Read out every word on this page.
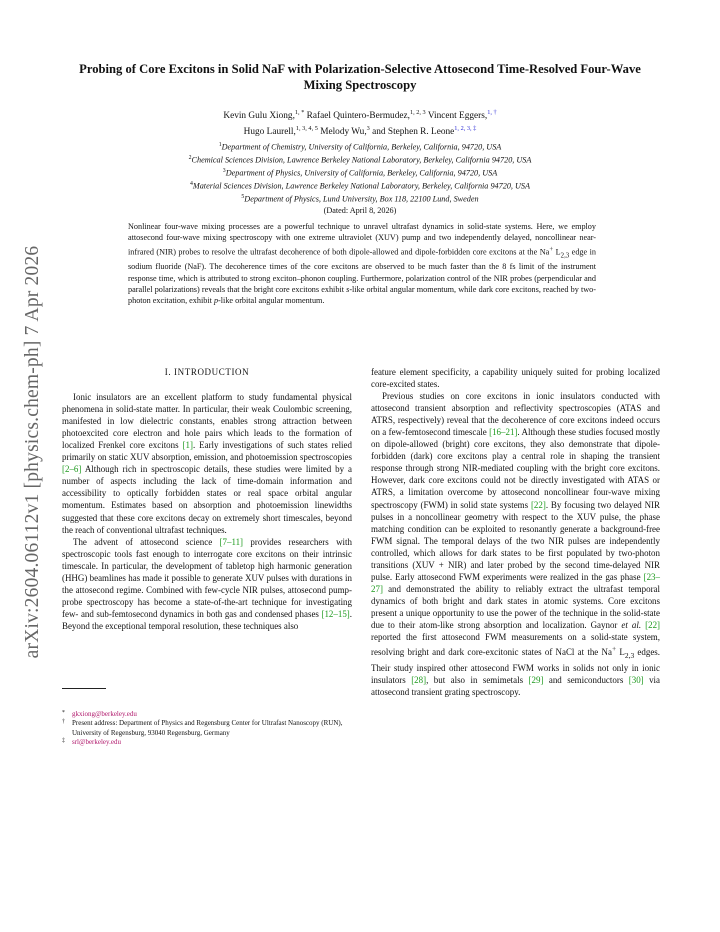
arXiv:2604.06112v1 [physics.chem-ph] 7 Apr 2026
Probing of Core Excitons in Solid NaF with Polarization-Selective Attosecond Time-Resolved Four-Wave Mixing Spectroscopy
Kevin Gulu Xiong,$^{1, *}$ Rafael Quintero-Bermudez,$^{1, 2, 3}$ Vincent Eggers,$^{1, \dagger}$
Hugo Laurell,$^{1, 3, 4, 5}$ Melody Wu,$^3$ and Stephen R. Leone$^{1, 2, 3, \ddagger}$
$^1$Department of Chemistry, University of California, Berkeley, California, 94720, USA
$^2$Chemical Sciences Division, Lawrence Berkeley National Laboratory, Berkeley, California 94720, USA
$^3$Department of Physics, University of California, Berkeley, California, 94720, USA
$^4$Material Sciences Division, Lawrence Berkeley National Laboratory, Berkeley, California 94720, USA
$^5$Department of Physics, Lund University, Box 118, 22100 Lund, Sweden
(Dated: April 8, 2026)
Nonlinear four-wave mixing processes are a powerful technique to unravel ultrafast dynamics in solid-state systems. Here, we employ attosecond four-wave mixing spectroscopy with one extreme ultraviolet (XUV) pump and two independently delayed, noncollinear near-infrared (NIR) probes to resolve the ultrafast decoherence of both dipole-allowed and dipole-forbidden core excitons at the Na+ $L_{2,3}$ edge in sodium fluoride (NaF). The decoherence times of the core excitons are observed to be much faster than the 8 fs limit of the instrument response time, which is attributed to strong exciton–phonon coupling. Furthermore, polarization control of the NIR probes (perpendicular and parallel polarizations) reveals that the bright core excitons exhibit s-like orbital angular momentum, while dark core excitons, reached by two-photon excitation, exhibit p-like orbital angular momentum.
I. INTRODUCTION

Ionic insulators are an excellent platform to study fundamental physical phenomena in solid-state matter. In particular, their weak Coulombic screening, manifested in low dielectric constants, enables strong attraction between photoexcited core electron and hole pairs which leads to the formation of localized Frenkel core excitons [1]. Early investigations of such states relied primarily on static XUV absorption, emission, and photoemission spectroscopies [2–6] Although rich in spectroscopic details, these studies were limited by a number of aspects including the lack of time-domain information and accessibility to optically forbidden states or real space orbital angular momentum. Estimates based on absorption and photoemission linewidths suggested that these core excitons decay on extremely short timescales, beyond the reach of conventional ultrafast techniques.

The advent of attosecond science [7–11] provides researchers with spectroscopic tools fast enough to interrogate core excitons on their intrinsic timescale. In particular, the development of tabletop high harmonic generation (HHG) beamlines has made it possible to generate XUV pulses with durations in the attosecond regime. Combined with few-cycle NIR pulses, attosecond pump-probe spectroscopy has become a state-of-the-art technique for investigating few- and sub-femtosecond dynamics in both gas and condensed phases [12–15]. Beyond the exceptional temporal resolution, these techniques also

* gkxiong@berkeley.edu
† Present address: Department of Physics and Regensburg Center for Ultrafast Nanoscopy (RUN), University of Regensburg, 93040 Regensburg, Germany
‡ srl@berkeley.edu

feature element specificity, a capability uniquely suited for probing localized core-excited states.

Previous studies on core excitons in ionic insulators conducted with attosecond transient absorption and reflectivity spectroscopies (ATAS and ATRS, respectively) reveal that the decoherence of core excitons indeed occurs on a few-femtosecond timescale [16–21]. Although these studies focused mostly on dipole-allowed (bright) core excitons, they also demonstrate that dipole-forbidden (dark) core excitons play a central role in shaping the transient response through strong NIR-mediated coupling with the bright core excitons. However, dark core excitons could not be directly investigated with ATAS or ATRS, a limitation overcome by attosecond noncollinear four-wave mixing spectroscopy (FWM) in solid state systems [22]. By focusing two delayed NIR pulses in a noncollinear geometry with respect to the XUV pulse, the phase matching condition can be exploited to resonantly generate a background-free FWM signal. The temporal delays of the two NIR pulses are independently controlled, which allows for dark states to be first populated by two-photon transitions (XUV + NIR) and later probed by the second time-delayed NIR pulse. Early attosecond FWM experiments were realized in the gas phase [23–27] and demonstrated the ability to reliably extract the ultrafast temporal dynamics of both bright and dark states in atomic systems. Core excitons present a unique opportunity to use the power of the technique in the solid-state due to their atom-like strong absorption and localization. Gaynor et al. [22] reported the first attosecond FWM measurements on a solid-state system, resolving bright and dark core-excitonic states of NaCl at the Na+ $L_{2,3}$ edges. Their study inspired other attosecond FWM works in solids not only in ionic insulators [28], but also in semimetals [29] and semiconductors [30] via attosecond transient grating spectroscopy.
